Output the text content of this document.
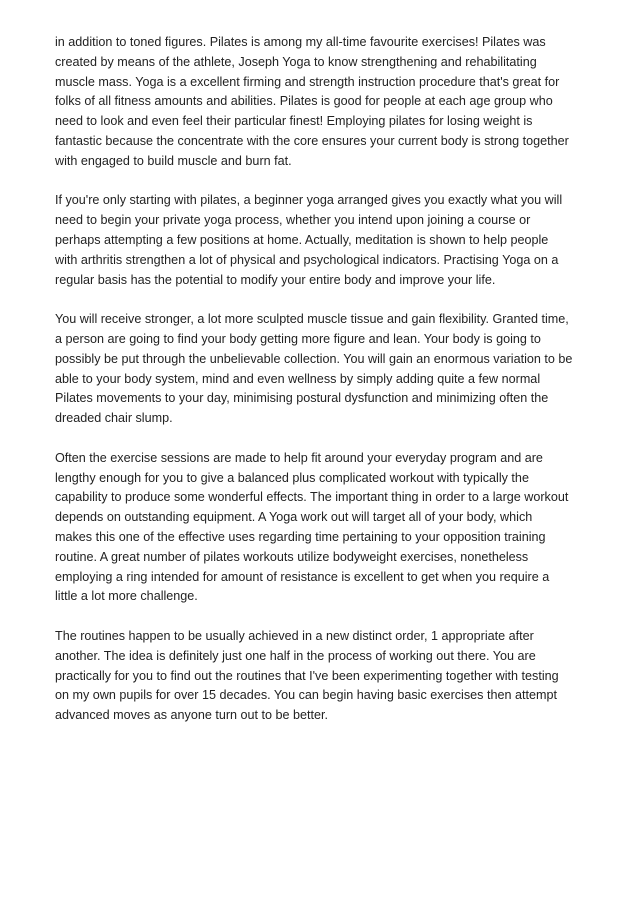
in addition to toned figures. Pilates is among my all-time favourite exercises! Pilates was
created by means of the athlete, Joseph Yoga to know strengthening and rehabilitating
muscle mass. Yoga is a excellent firming and strength instruction procedure that's great for
folks of all fitness amounts and abilities. Pilates is good for people at each age group who
need to look and even feel their particular finest! Employing pilates for losing weight is
fantastic because the concentrate with the core ensures your current body is strong together
with engaged to build muscle and burn fat.

If you're only starting with pilates, a beginner yoga arranged gives you exactly what you will
need to begin your private yoga process, whether you intend upon joining a course or
perhaps attempting a few positions at home. Actually, meditation is shown to help people
with arthritis strengthen a lot of physical and psychological indicators. Practising Yoga on a
regular basis has the potential to modify your entire body and improve your life.

You will receive stronger, a lot more sculpted muscle tissue and gain flexibility. Granted time,
a person are going to find your body getting more figure and lean. Your body is going to
possibly be put through the unbelievable collection. You will gain an enormous variation to be
able to your body system, mind and even wellness by simply adding quite a few normal
Pilates movements to your day, minimising postural dysfunction and minimizing often the
dreaded chair slump.

Often the exercise sessions are made to help fit around your everyday program and are
lengthy enough for you to give a balanced plus complicated workout with typically the
capability to produce some wonderful effects. The important thing in order to a large workout
depends on outstanding equipment. A Yoga work out will target all of your body, which
makes this one of the effective uses regarding time pertaining to your opposition training
routine. A great number of pilates workouts utilize bodyweight exercises, nonetheless
employing a ring intended for amount of resistance is excellent to get when you require a
little a lot more challenge.

The routines happen to be usually achieved in a new distinct order, 1 appropriate after
another. The idea is definitely just one half in the process of working out there. You are
practically for you to find out the routines that I've been experimenting together with testing
on my own pupils for over 15 decades. You can begin having basic exercises then attempt
advanced moves as anyone turn out to be better.
